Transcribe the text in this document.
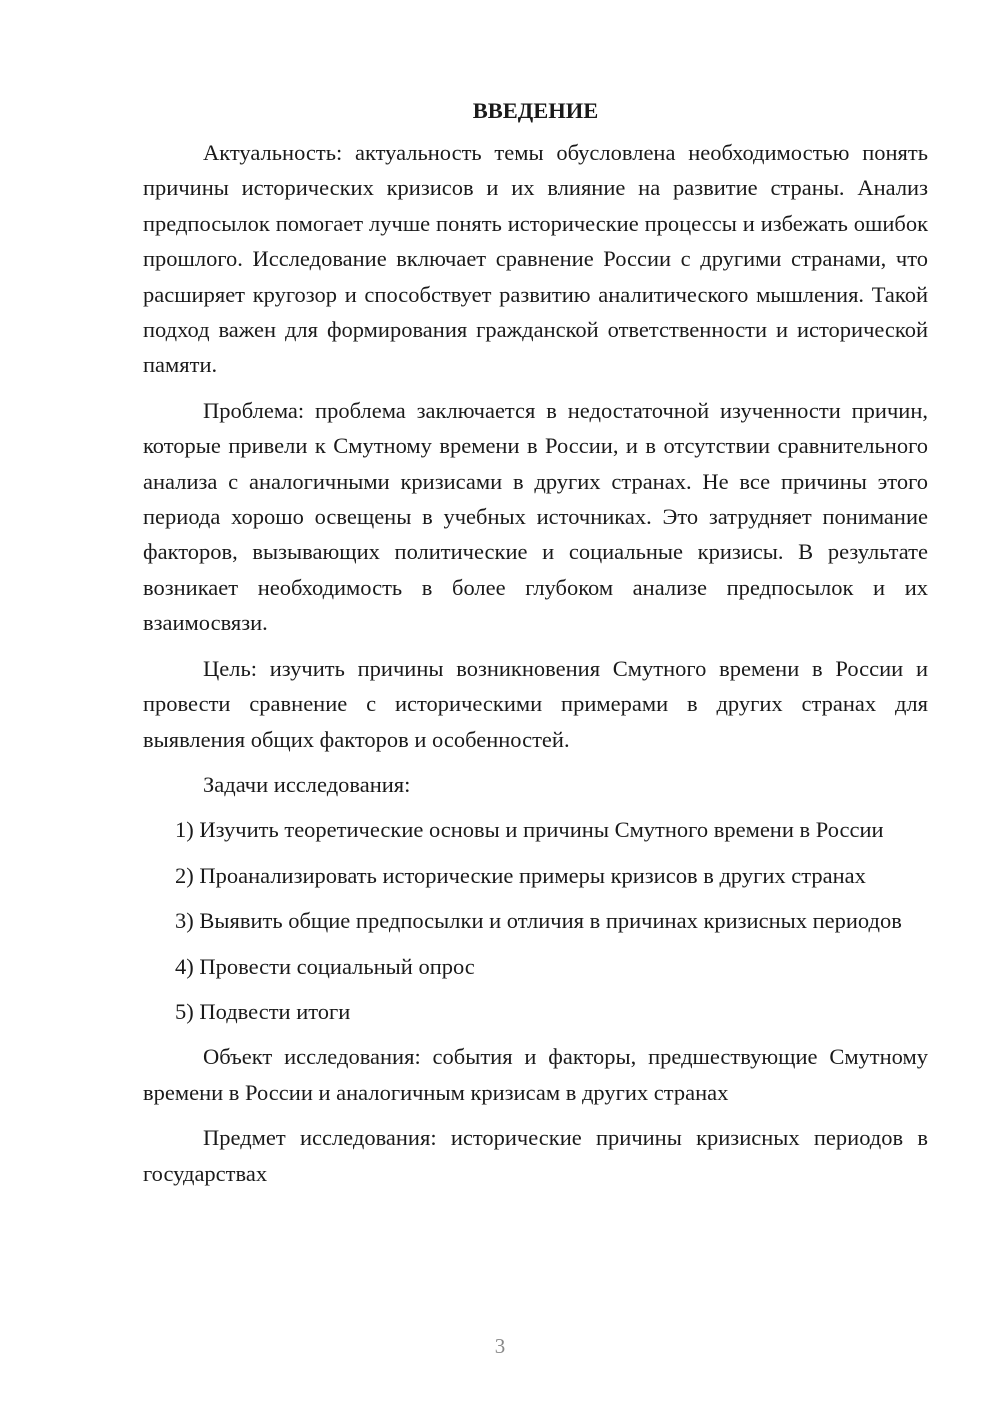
ВВЕДЕНИЕ

Актуальность: актуальность темы обусловлена необходимостью понять причины исторических кризисов и их влияние на развитие страны. Анализ предпосылок помогает лучше понять исторические процессы и избежать ошибок прошлого. Исследование включает сравнение России с другими странами, что расширяет кругозор и способствует развитию аналитического мышления. Такой подход важен для формирования гражданской ответственности и исторической памяти.

Проблема: проблема заключается в недостаточной изученности причин, которые привели к Смутному времени в России, и в отсутствии сравнительного анализа с аналогичными кризисами в других странах. Не все причины этого периода хорошо освещены в учебных источниках. Это затрудняет понимание факторов, вызывающих политические и социальные кризисы. В результате возникает необходимость в более глубоком анализе предпосылок и их взаимосвязи.

Цель: изучить причины возникновения Смутного времени в России и провести сравнение с историческими примерами в других странах для выявления общих факторов и особенностей.

Задачи исследования:

1) Изучить теоретические основы и причины Смутного времени в России

2) Проанализировать исторические примеры кризисов в других странах

3) Выявить общие предпосылки и отличия в причинах кризисных периодов

4) Провести социальный опрос

5) Подвести итоги

Объект исследования: события и факторы, предшествующие Смутному времени в России и аналогичным кризисам в других странах

Предмет исследования: исторические причины кризисных периодов в государствах

3
